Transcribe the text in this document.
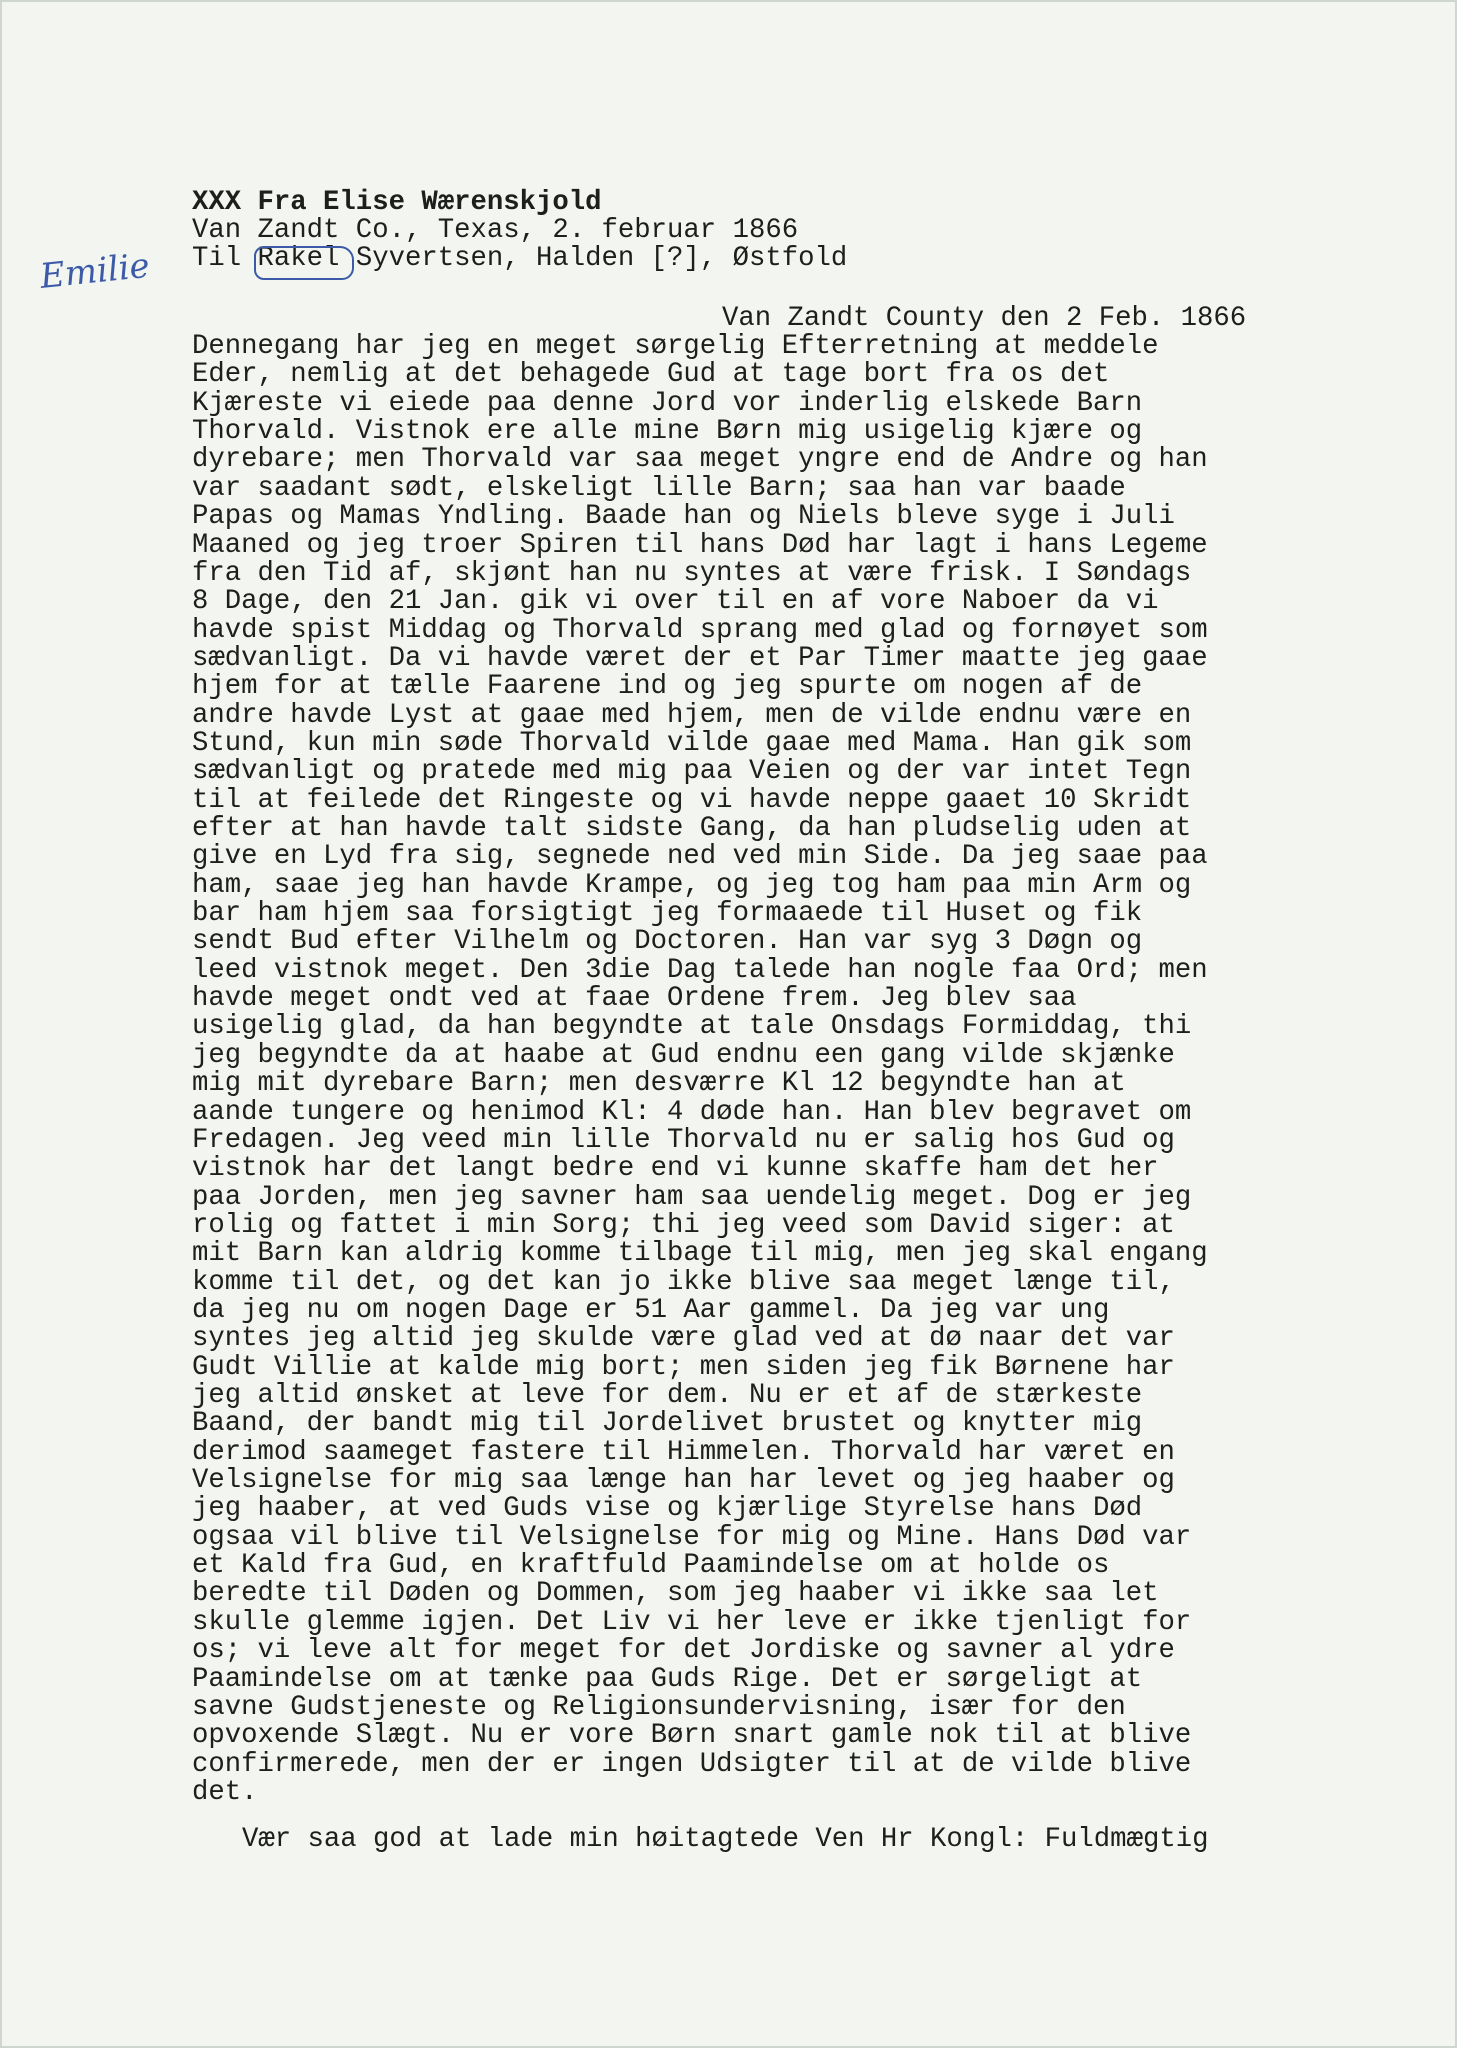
XXX Fra Elise Wærenskjold
Van Zandt Co., Texas, 2. februar 1866
Til Rakel Syvertsen, Halden [?], Østfold
Emilie
Van Zandt County den 2 Feb. 1866
Dennegang har jeg en meget sørgelig Efterretning at meddele
Eder, nemlig at det behagede Gud at tage bort fra os det
Kjæreste vi eiede paa denne Jord vor inderlig elskede Barn
Thorvald. Vistnok ere alle mine Børn mig usigelig kjære og
dyrebare; men Thorvald var saa meget yngre end de Andre og han
var saadant sødt, elskeligt lille Barn; saa han var baade
Papas og Mamas Yndling. Baade han og Niels bleve syge i Juli
Maaned og jeg troer Spiren til hans Død har lagt i hans Legeme
fra den Tid af, skjønt han nu syntes at være frisk. I Søndags
8 Dage, den 21 Jan. gik vi over til en af vore Naboer da vi
havde spist Middag og Thorvald sprang med glad og fornøyet som
sædvanligt. Da vi havde været der et Par Timer maatte jeg gaae
hjem for at tælle Faarene ind og jeg spurte om nogen af de
andre havde Lyst at gaae med hjem, men de vilde endnu være en
Stund, kun min søde Thorvald vilde gaae med Mama. Han gik som
sædvanligt og pratede med mig paa Veien og der var intet Tegn
til at feilede det Ringeste og vi havde neppe gaaet 10 Skridt
efter at han havde talt sidste Gang, da han pludselig uden at
give en Lyd fra sig, segnede ned ved min Side. Da jeg saae paa
ham, saae jeg han havde Krampe, og jeg tog ham paa min Arm og
bar ham hjem saa forsigtigt jeg formaaede til Huset og fik
sendt Bud efter Vilhelm og Doctoren. Han var syg 3 Døgn og
leed vistnok meget. Den 3die Dag talede han nogle faa Ord; men
havde meget ondt ved at faae Ordene frem. Jeg blev saa
usigelig glad, da han begyndte at tale Onsdags Formiddag, thi
jeg begyndte da at haabe at Gud endnu een gang vilde skjænke
mig mit dyrebare Barn; men desværre Kl 12 begyndte han at
aande tungere og henimod Kl: 4 døde han. Han blev begravet om
Fredagen. Jeg veed min lille Thorvald nu er salig hos Gud og
vistnok har det langt bedre end vi kunne skaffe ham det her
paa Jorden, men jeg savner ham saa uendelig meget. Dog er jeg
rolig og fattet i min Sorg; thi jeg veed som David siger: at
mit Barn kan aldrig komme tilbage til mig, men jeg skal engang
komme til det, og det kan jo ikke blive saa meget længe til,
da jeg nu om nogen Dage er 51 Aar gammel. Da jeg var ung
syntes jeg altid jeg skulde være glad ved at dø naar det var
Gudt Villie at kalde mig bort; men siden jeg fik Børnene har
jeg altid ønsket at leve for dem. Nu er et af de stærkeste
Baand, der bandt mig til Jordelivet brustet og knytter mig
derimod saameget fastere til Himmelen. Thorvald har været en
Velsignelse for mig saa længe han har levet og jeg haaber og
jeg haaber, at ved Guds vise og kjærlige Styrelse hans Død
ogsaa vil blive til Velsignelse for mig og Mine. Hans Død var
et Kald fra Gud, en kraftfuld Paamindelse om at holde os
beredte til Døden og Dommen, som jeg haaber vi ikke saa let
skulle glemme igjen. Det Liv vi her leve er ikke tjenligt for
os; vi leve alt for meget for det Jordiske og savner al ydre
Paamindelse om at tænke paa Guds Rige. Det er sørgeligt at
savne Gudstjeneste og Religionsundervisning, især for den
opvoxende Slægt. Nu er vore Børn snart gamle nok til at blive
confirmerede, men der er ingen Udsigter til at de vilde blive
det.
Vær saa god at lade min høitagtede Ven Hr Kongl: Fuldmægtig
